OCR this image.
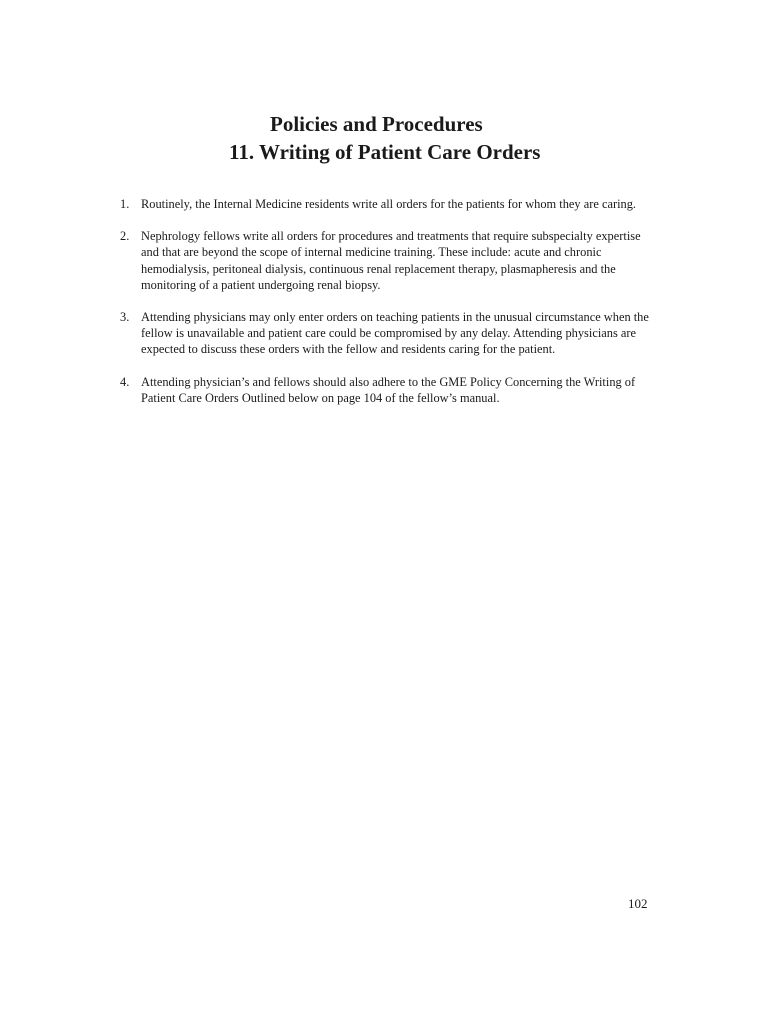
Policies and Procedures
11. Writing of Patient Care Orders
1. Routinely, the Internal Medicine residents write all orders for the patients for whom they are caring.
2. Nephrology fellows write all orders for procedures and treatments that require subspecialty expertise and that are beyond the scope of internal medicine training. These include: acute and chronic hemodialysis, peritoneal dialysis, continuous renal replacement therapy, plasmapheresis and the monitoring of a patient undergoing renal biopsy.
3. Attending physicians may only enter orders on teaching patients in the unusual circumstance when the fellow is unavailable and patient care could be compromised by any delay. Attending physicians are expected to discuss these orders with the fellow and residents caring for the patient.
4. Attending physician’s and fellows should also adhere to the GME Policy Concerning the Writing of Patient Care Orders Outlined below on page 104 of the fellow’s manual.
102
